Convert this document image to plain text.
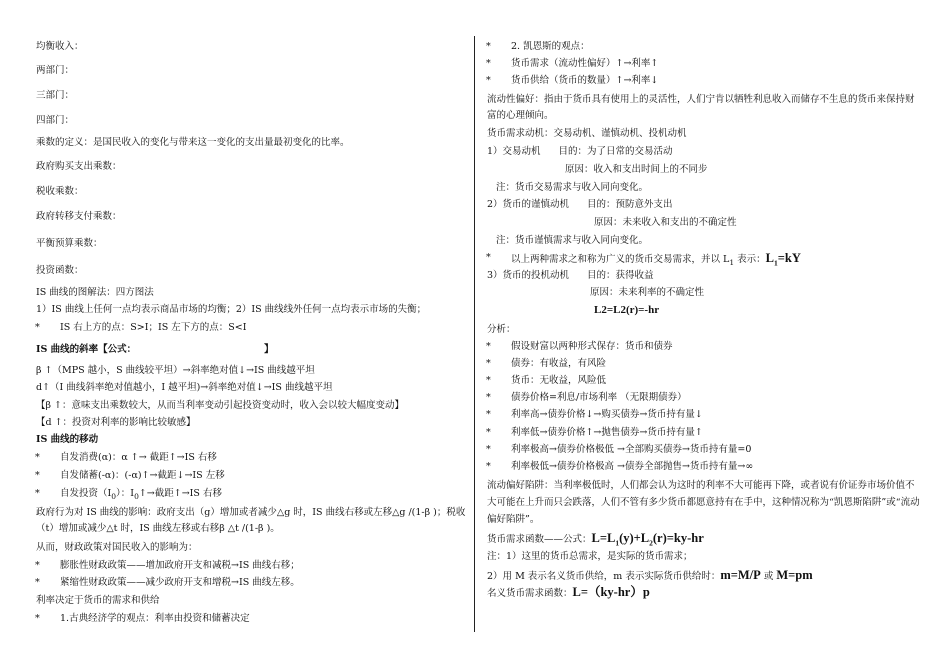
均衡收入：
两部门：
三部门：
四部门：
乘数的定义：是国民收入的变化与带来这一变化的支出量最初变化的比率。
政府购买支出乘数：
税收乘数：
政府转移支付乘数：
平衡预算乘数：
投资函数：
IS 曲线的图解法：四方图法
1）IS 曲线上任何一点均表示商品市场的均衡；2）IS 曲线线外任何一点均表示市场的失衡；
* IS 右上方的点：S>I；IS 左下方的点：S<I
IS 曲线的斜率【公式：	】
β ↑（MPS 越小，S 曲线较平坦）→斜率绝对值↓→IS 曲线越平坦
d↑（I 曲线斜率绝对值越小，I 越平坦)→斜率绝对值↓→IS 曲线越平坦
【β ↑：意味支出乘数较大，从而当利率变动引起投资变动时，收入会以较大幅度变动】
【d ↑：投资对利率的影响比较敏感】
IS 曲线的移动
* 自发消费(α)：α ↑→ 截距↑→IS 右移
* 自发储蓄(-α)：(-α)↑→截距↓→IS 左移
* 自发投资$(I_0)$：$I_0↑\to$截距↑→IS 右移
政府行为对 IS 曲线的影响：政府支出（g）增加或者减少△g 时，IS 曲线右移或左移△g /(1-β )；税收（t）增加或减少△t 时，IS 曲线左移或右移β △t /(1-β )。
从而，财政政策对国民收入的影响为：
* 膨胀性财政政策——增加政府开支和减税→IS 曲线右移；
* 紧缩性财政政策——减少政府开支和增税→IS 曲线左移。
利率决定于货币的需求和供给
* 1.古典经济学的观点：利率由投资和储蓄决定
* 2. 凯恩斯的观点：
* 货币需求（流动性偏好）↑→利率↑
* 货币供给（货币的数量）↑→利率↓
流动性偏好：指由于货币具有使用上的灵活性，人们宁肯以牺牲利息收入而储存不生息的货币来保持财富的心理倾向。
货币需求动机：交易动机、谨慎动机、投机动机
1）交易动机 目的：为了日常的交易活动
原因：收入和支出时间上的不同步
注：货币交易需求与收入同向变化。
2）货币的谨慎动机 目的：预防意外支出
原因：未来收入和支出的不确定性
注：货币谨慎需求与收入同向变化。
* 以上两种需求之和称为广义的货币交易需求，并以 $L_1$ 表示：$L_1=kY$
3）货币的投机动机 目的：获得收益
原因：未来利率的不确定性
L2=L2(r)=-hr
分析：
* 假设财富以两种形式保存：货币和债券
* 债券：有收益，有风险
* 货币：无收益，风险低
* 债券价格=利息/市场利率 （无限期债券）
* 利率高→债券价格↓→购买债券→货币持有量↓
* 利率低→债券价格↑→抛售债券→货币持有量↑
* 利率极高→债券价格极低 →全部购买债券→货币持有量=0
* 利率极低→债券价格极高 →债券全部抛售→货币持有量→∞
流动偏好陷阱：当利率极低时，人们都会认为这时的利率不大可能再下降，或者说有价证券市场价值不大可能在上升而只会跌落，人们不管有多少货币都愿意持有在手中，这种情况称为“凯恩斯陷阱”或“流动偏好陷阱”。
货币需求函数——公式：$L=L_1(y)+L_2(r)=ky-hr$
注：1）这里的货币总需求，是实际的货币需求；
2）用 M 表示名义货币供给，m 表示实际货币供给时：m=M/P 或 M=pm
名义货币需求函数：L=（ky-hr）p
